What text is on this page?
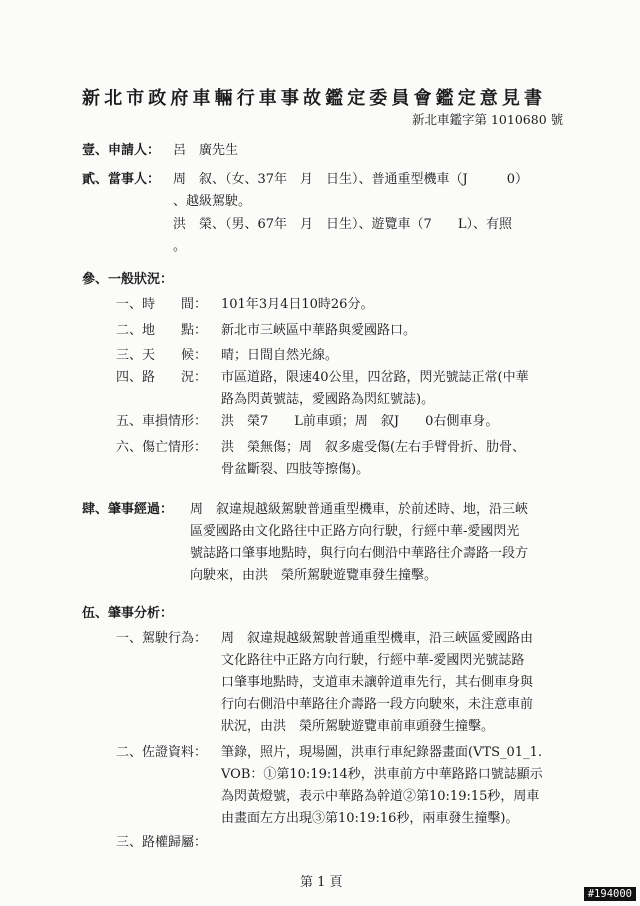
新北市政府車輛行車事故鑑定委員會鑑定意見書
新北車鑑字第 1010680 號
壹、申請人： 呂　廣先生
貳、當事人： 周　叙、（女、37年　月　日生）、普通重型機車（J　　　0）
、越級駕駛。
洪　榮、（男、67年　月　日生）、遊覽車（7　　L）、有照
。
參、一般狀況：
一、時　　間： 101年3月4日10時26分。
二、地　　點： 新北市三峽區中華路與愛國路口。
三、天　　候： 晴；日間自然光線。
四、路　　況： 市區道路，限速40公里，四岔路，閃光號誌正常(中華
路為閃黃號誌，愛國路為閃紅號誌)。
五、車損情形： 洪　榮7　　L前車頭；周　叙J　　0右側車身。
六、傷亡情形： 洪　榮無傷；周　叙多處受傷(左右手臂骨折、肋骨、
骨盆斷裂、四肢等擦傷)。
肆、肇事經過： 周　叙違規越級駕駛普通重型機車，於前述時、地，沿三峽
區愛國路由文化路往中正路方向行駛，行經中華-愛國閃光
號誌路口肇事地點時，與行向右側沿中華路往介壽路一段方
向駛來，由洪　榮所駕駛遊覽車發生撞擊。
伍、肇事分析：
一、駕駛行為： 周　叙違規越級駕駛普通重型機車，沿三峽區愛國路由
文化路往中正路方向行駛，行經中華-愛國閃光號誌路
口肇事地點時，支道車未讓幹道車先行，其右側車身與
行向右側沿中華路往介壽路一段方向駛來，未注意車前
狀況，由洪　榮所駕駛遊覽車前車頭發生撞擊。
二、佐證資料： 筆錄，照片，現場圖，洪車行車紀錄器畫面(VTS_01_1.
VOB：①第10:19:14秒，洪車前方中華路路口號誌顯示
為閃黃燈號，表示中華路為幹道②第10:19:15秒，周車
由畫面左方出現③第10:19:16秒，兩車發生撞擊)。
三、路權歸屬：
第 1 頁
#194000
